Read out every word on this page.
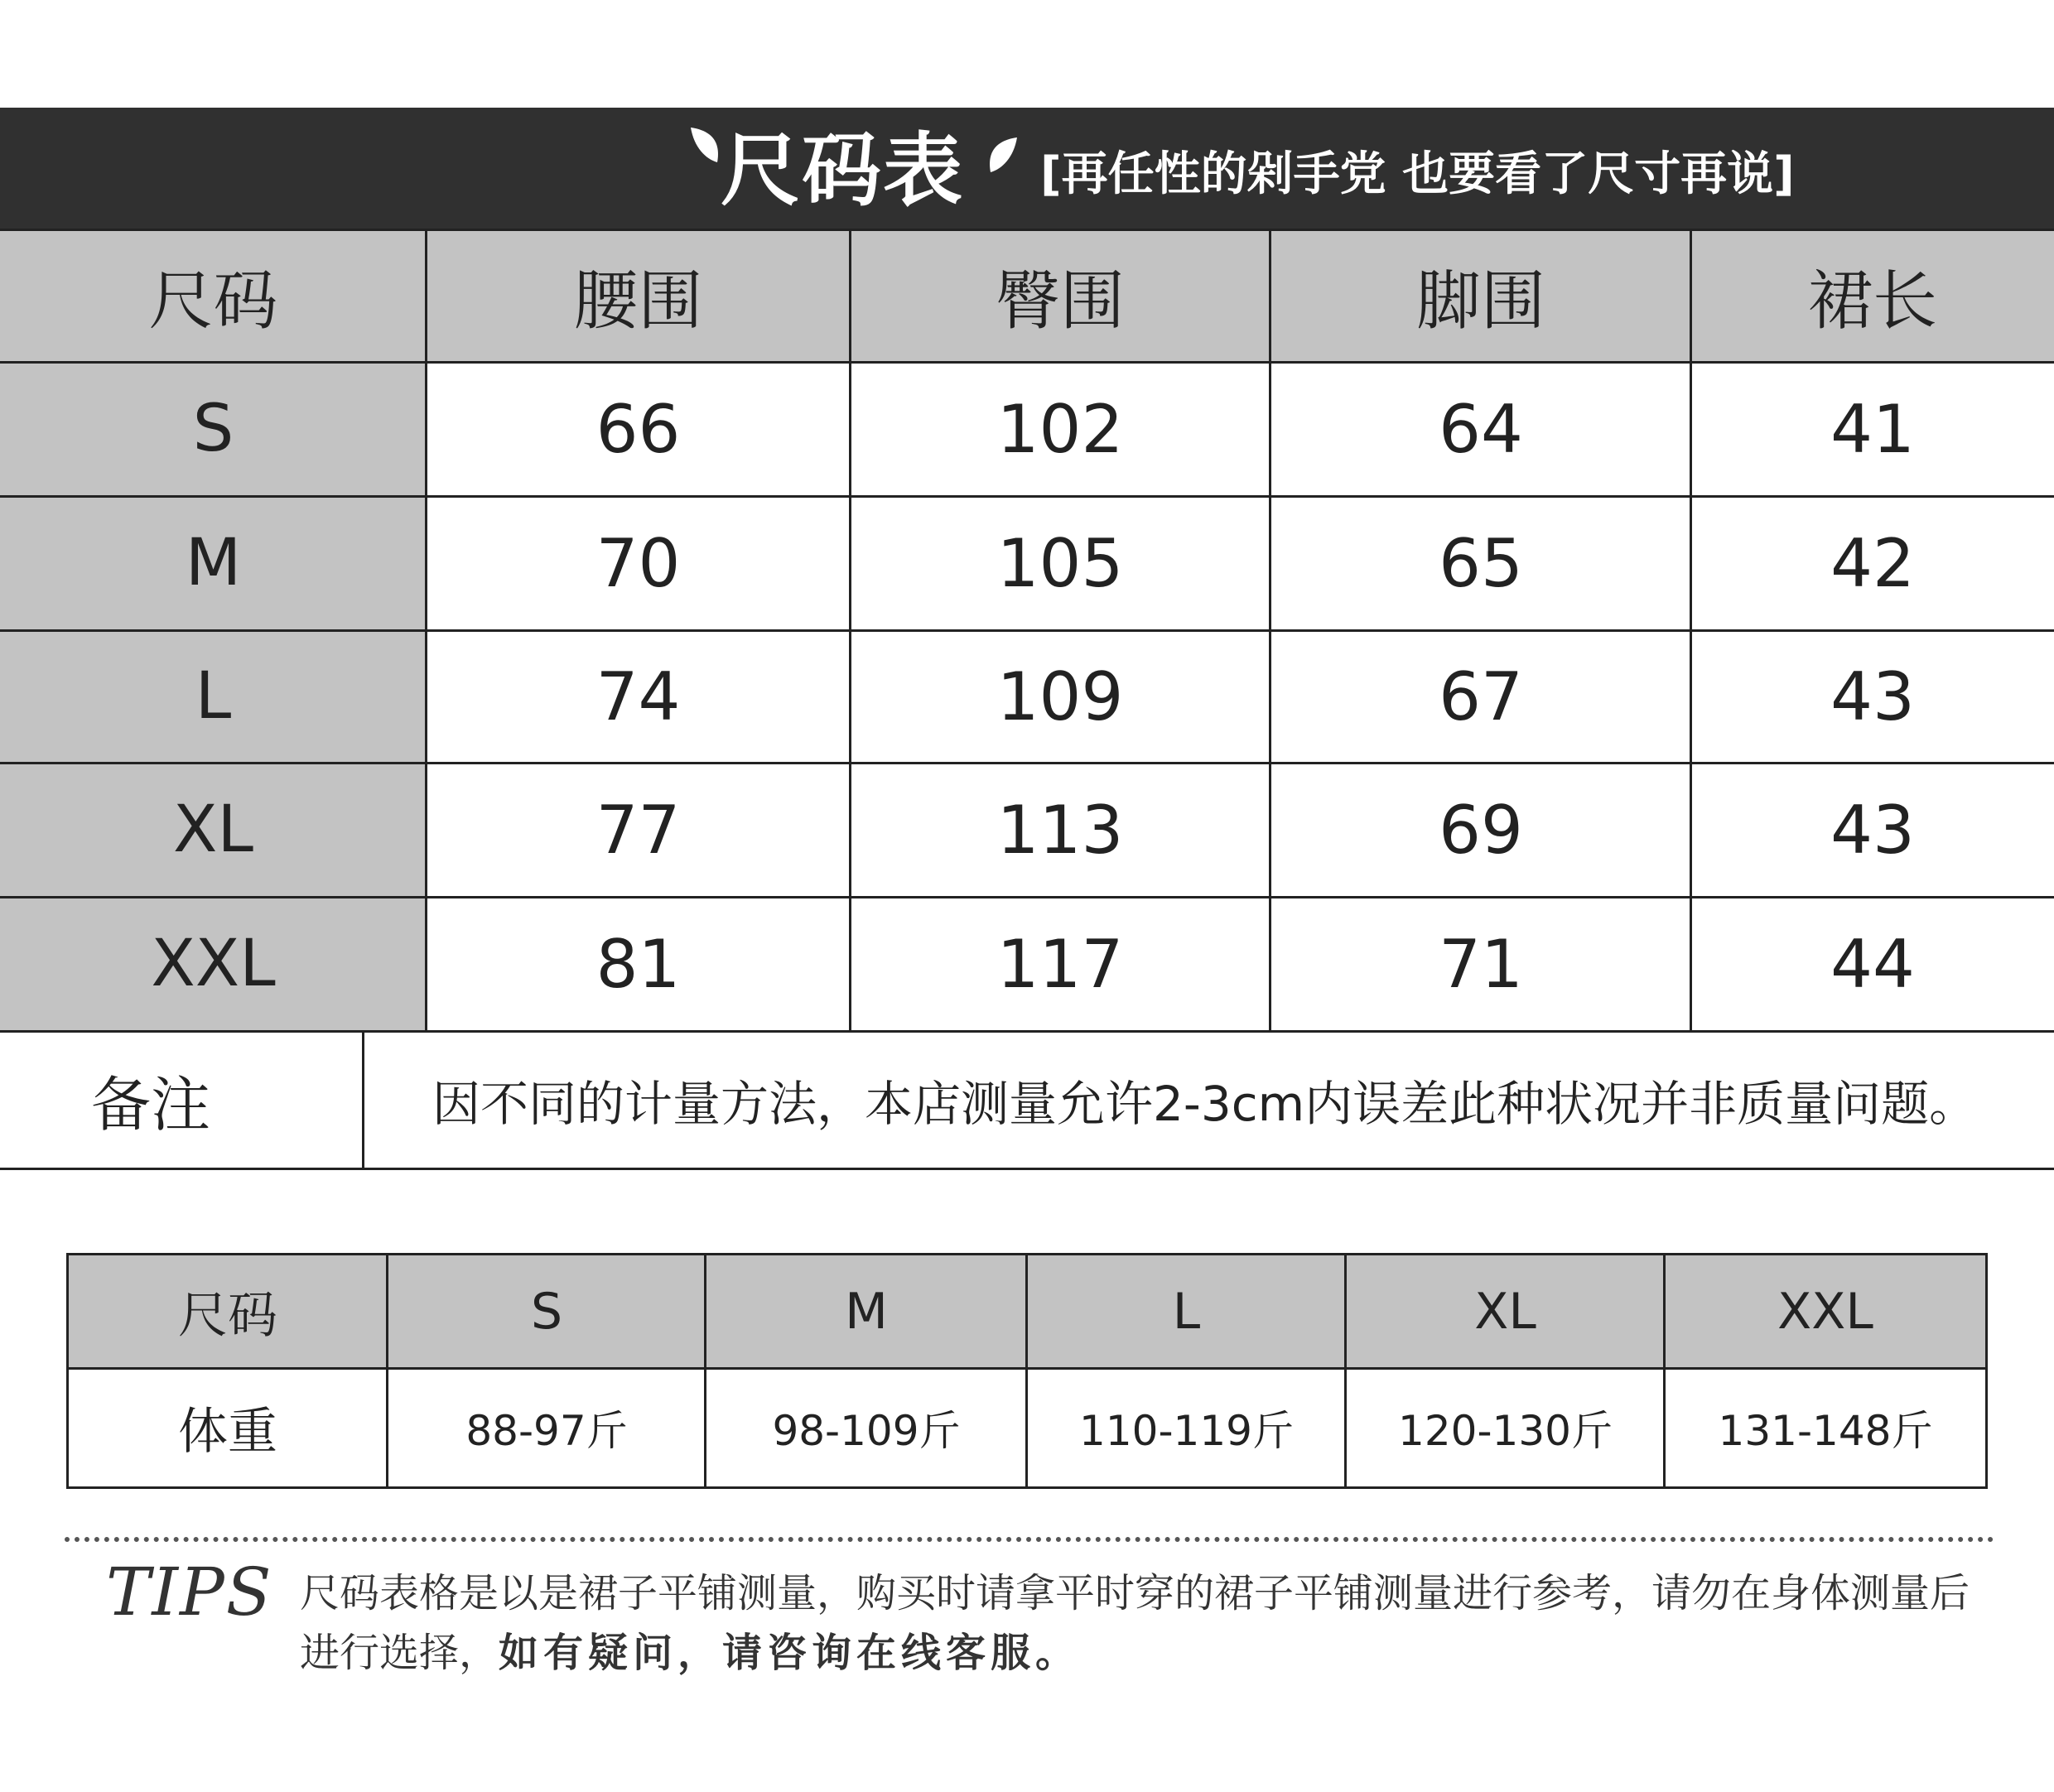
尺码表 [再任性的剁手党 也要看了尺寸再说]
尺码	腰围	臀围	脚围	裙长
S	66	102	64	41
M	70	105	65	42
L	74	109	67	43
XL	77	113	69	43
XXL	81	117	71	44
备注	因不同的计量方法，本店测量允许2-3cm内误差此种状况并非质量问题。
尺码	S	M	L	XL	XXL
体重	88-97斤	98-109斤	110-119斤	120-130斤	131-148斤
TIPS 尺码表格是以是裙子平铺测量，购买时请拿平时穿的裙子平铺测量进行参考，请勿在身体测量后进行选择，如有疑问，请咨询在线客服。
